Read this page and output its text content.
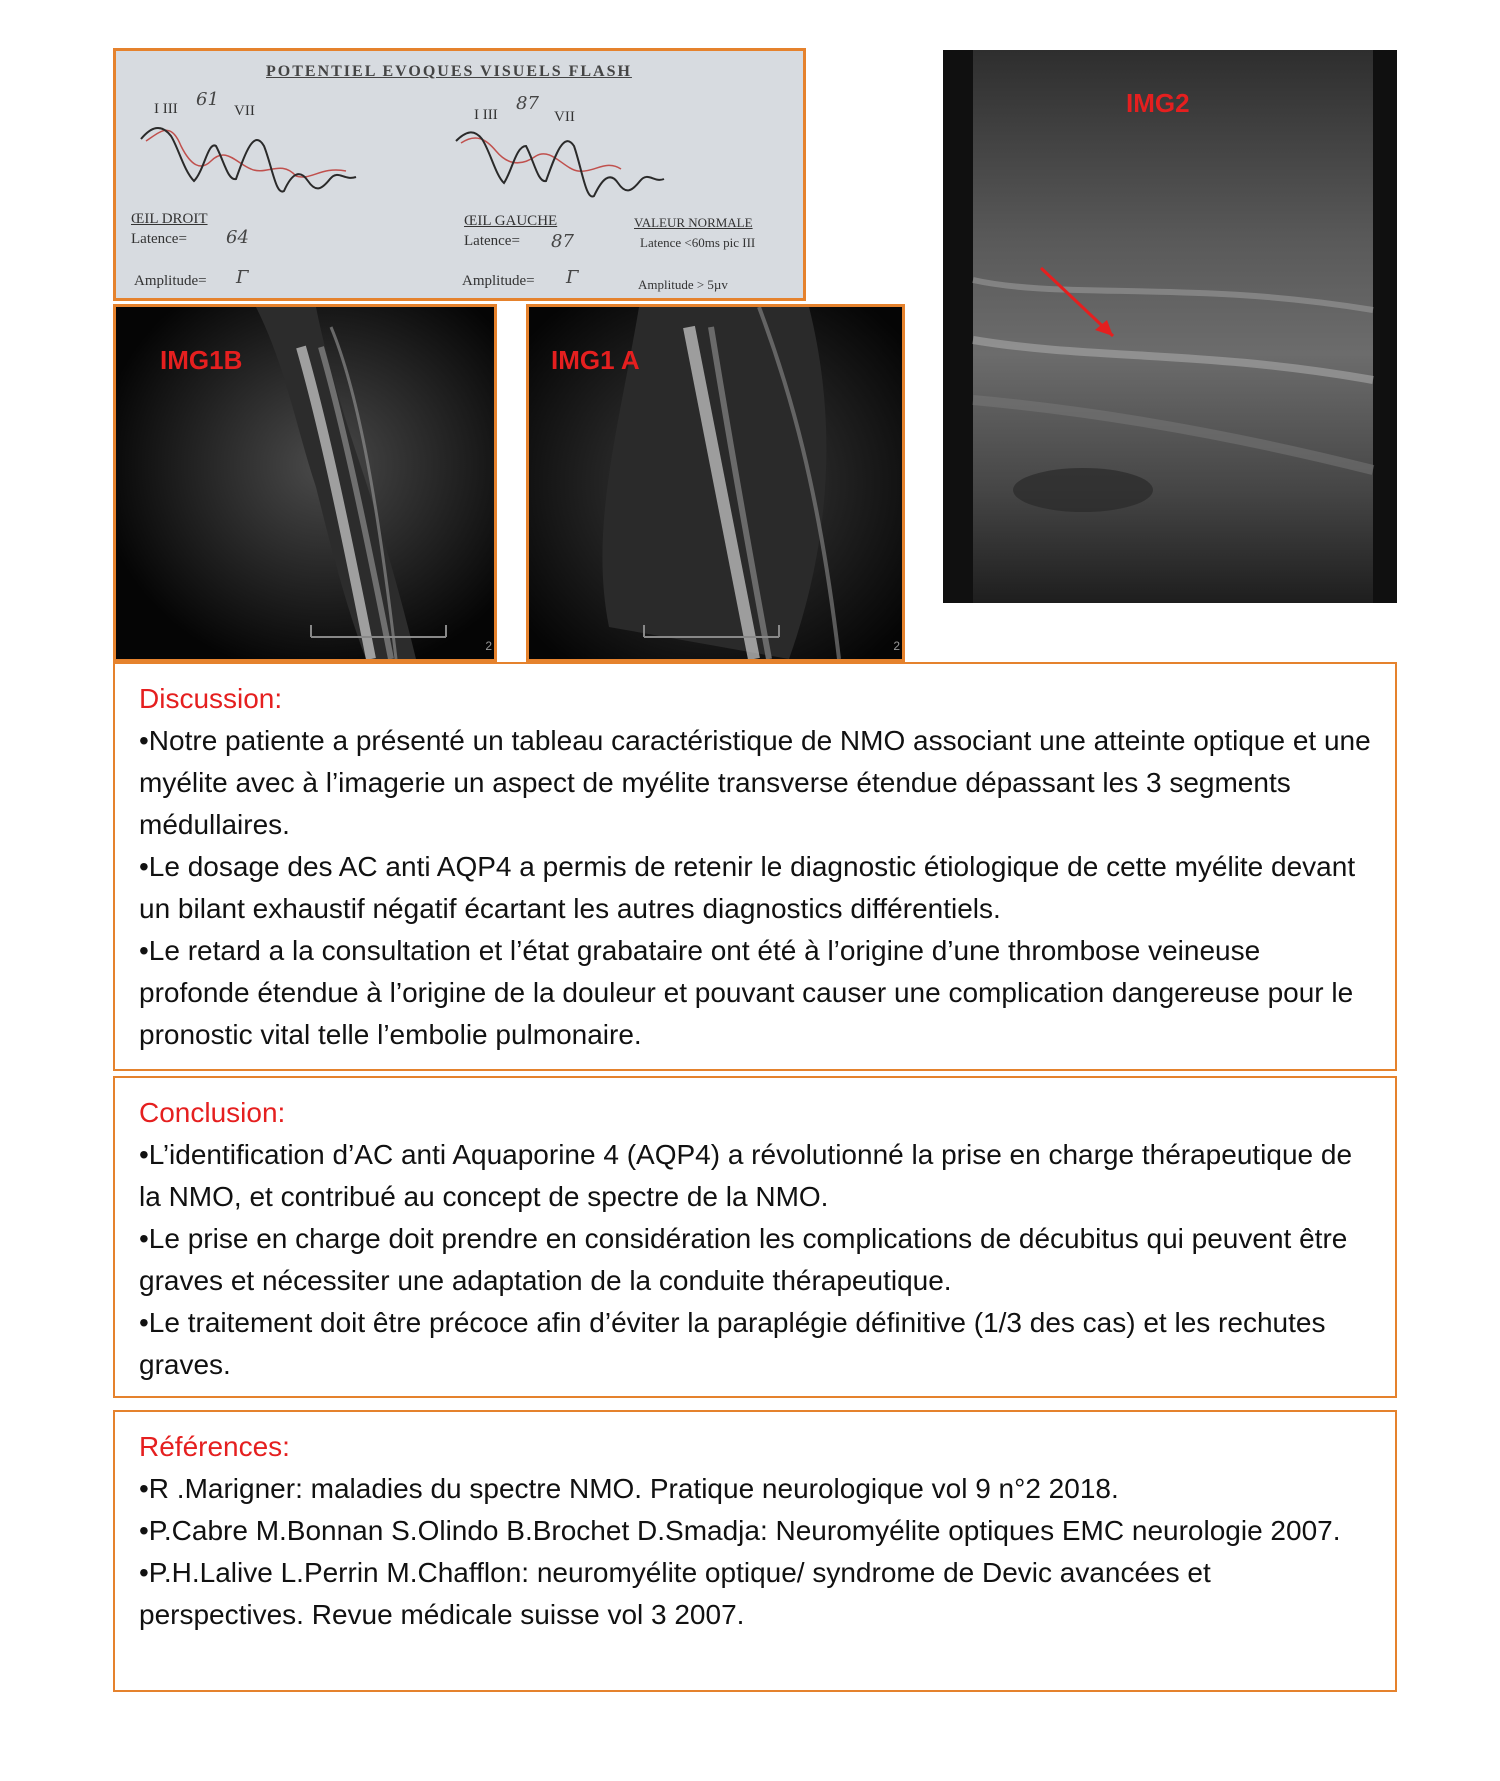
POTENTIEL EVOQUES VISUELS FLASH
I III 61
VII	I III
87
VII
ŒIL DROIT
Latence= 64
Amplitude= Γ
ŒIL GAUCHE
Latence= 87
Amplitude= Γ
VALEUR NORMALE
Latence <60ms pic III
Amplitude > 5µv
IMG1B
2
IMG1 A
2
IMG2
Discussion:
•Notre patiente a présenté un tableau caractéristique de NMO associant une atteinte optique et une myélite avec à l’imagerie un aspect de myélite transverse étendue dépassant les 3 segments médullaires.
•Le dosage des AC anti AQP4 a permis de retenir le diagnostic étiologique de cette myélite devant un bilant exhaustif négatif écartant les autres diagnostics différentiels.
•Le retard a la consultation et l’état grabataire ont été à l’origine d’une thrombose veineuse profonde étendue à l’origine de la douleur et pouvant causer une complication dangereuse pour le pronostic vital telle l’embolie pulmonaire.
Conclusion:
•L’identification d’AC anti Aquaporine 4 (AQP4) a révolutionné la prise en charge thérapeutique de la NMO, et contribué au concept de spectre de la NMO.
•Le prise en charge doit prendre en considération les complications de décubitus qui peuvent être graves et nécessiter une adaptation de la conduite thérapeutique.
•Le traitement doit être précoce afin d’éviter la paraplégie définitive (1/3 des cas) et les rechutes graves.
Références:
•R .Marigner: maladies du spectre NMO. Pratique neurologique vol 9 n°2 2018.
•P.Cabre M.Bonnan S.Olindo B.Brochet D.Smadja: Neuromyélite optiques EMC neurologie 2007.
•P.H.Lalive L.Perrin M.Chafflon: neuromyélite optique/ syndrome de Devic avancées et perspectives. Revue médicale suisse vol 3 2007.
